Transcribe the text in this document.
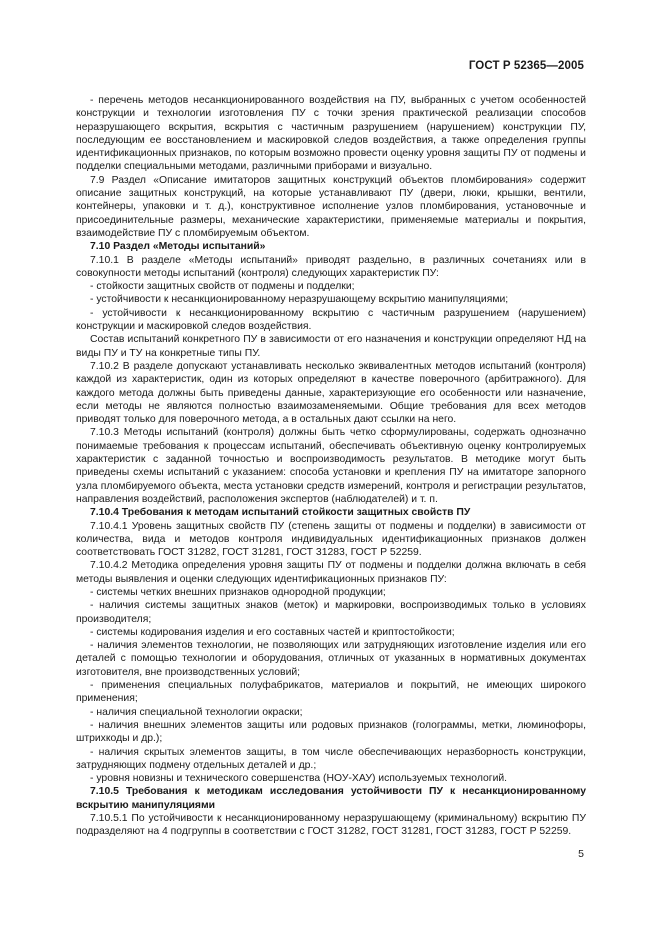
ГОСТ Р 52365—2005

- перечень методов несанкционированного воздействия на ПУ, выбранных с учетом особенностей конструкции и технологии изготовления ПУ с точки зрения практической реализации способов неразрушающего вскрытия, вскрытия с частичным разрушением (нарушением) конструкции ПУ, последующим ее восстановлением и маскировкой следов воздействия, а также определения группы идентификационных признаков, по которым возможно провести оценку уровня защиты ПУ от подмены и подделки специальными методами, различными приборами и визуально.

7.9 Раздел «Описание имитаторов защитных конструкций объектов пломбирования» содержит описание защитных конструкций, на которые устанавливают ПУ (двери, люки, крышки, вентили, контейнеры, упаковки и т. д.), конструктивное исполнение узлов пломбирования, установочные и присоединительные размеры, механические характеристики, применяемые материалы и покрытия, взаимодействие ПУ с пломбируемым объектом.

7.10 Раздел «Методы испытаний»

7.10.1 В разделе «Методы испытаний» приводят раздельно, в различных сочетаниях или в совокупности методы испытаний (контроля) следующих характеристик ПУ:

- стойкости защитных свойств от подмены и подделки;

- устойчивости к несанкционированному неразрушающему вскрытию манипуляциями;

- устойчивости к несанкционированному вскрытию с частичным разрушением (нарушением) конструкции и маскировкой следов воздействия.

Состав испытаний конкретного ПУ в зависимости от его назначения и конструкции определяют НД на виды ПУ и ТУ на конкретные типы ПУ.

7.10.2 В разделе допускают устанавливать несколько эквивалентных методов испытаний (контроля) каждой из характеристик, один из которых определяют в качестве поверочного (арбитражного). Для каждого метода должны быть приведены данные, характеризующие его особенности или назначение, если методы не являются полностью взаимозаменяемыми. Общие требования для всех методов приводят только для поверочного метода, а в остальных дают ссылки на него.

7.10.3 Методы испытаний (контроля) должны быть четко сформулированы, содержать однозначно понимаемые требования к процессам испытаний, обеспечивать объективную оценку контролируемых характеристик с заданной точностью и воспроизводимость результатов. В методике могут быть приведены схемы испытаний с указанием: способа установки и крепления ПУ на имитаторе запорного узла пломбируемого объекта, места установки средств измерений, контроля и регистрации результатов, направления воздействий, расположения экспертов (наблюдателей) и т. п.

7.10.4 Требования к методам испытаний стойкости защитных свойств ПУ

7.10.4.1 Уровень защитных свойств ПУ (степень защиты от подмены и подделки) в зависимости от количества, вида и методов контроля индивидуальных идентификационных признаков должен соответствовать ГОСТ 31282, ГОСТ 31281, ГОСТ 31283, ГОСТ Р 52259.

7.10.4.2 Методика определения уровня защиты ПУ от подмены и подделки должна включать в себя методы выявления и оценки следующих идентификационных признаков ПУ:

- системы четких внешних признаков однородной продукции;

- наличия системы защитных знаков (меток) и маркировки, воспроизводимых только в условиях производителя;

- системы кодирования изделия и его составных частей и криптостойкости;

- наличия элементов технологии, не позволяющих или затрудняющих изготовление изделия или его деталей с помощью технологии и оборудования, отличных от указанных в нормативных документах изготовителя, вне производственных условий;

- применения специальных полуфабрикатов, материалов и покрытий, не имеющих широкого применения;

- наличия специальной технологии окраски;

- наличия внешних элементов защиты или родовых признаков (голограммы, метки, люминофоры, штрихкоды и др.);

- наличия скрытых элементов защиты, в том числе обеспечивающих неразборность конструкции, затрудняющих подмену отдельных деталей и др.;

- уровня новизны и технического совершенства (НОУ-ХАУ) используемых технологий.

7.10.5 Требования к методикам исследования устойчивости ПУ к несанкционированному вскрытию манипуляциями

7.10.5.1 По устойчивости к несанкционированному неразрушающему (криминальному) вскрытию ПУ подразделяют на 4 подгруппы в соответствии с ГОСТ 31282, ГОСТ 31281, ГОСТ 31283, ГОСТ Р 52259.

5
